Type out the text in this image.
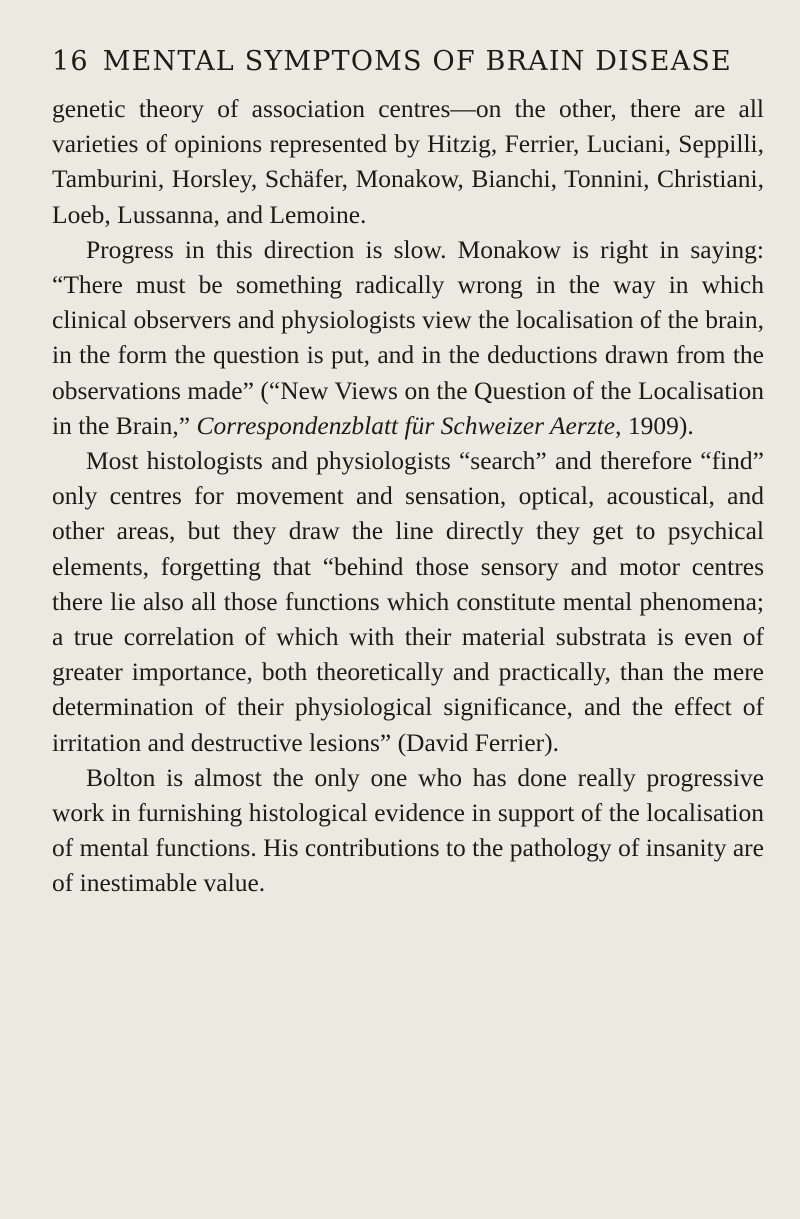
16 MENTAL SYMPTOMS OF BRAIN DISEASE

genetic theory of association centres—on the other, there are all varieties of opinions represented by Hitzig, Ferrier, Luciani, Seppilli, Tamburini, Horsley, Schäfer, Monakow, Bianchi, Tonnini, Christiani, Loeb, Lussanna, and Lemoine.

Progress in this direction is slow. Monakow is right in saying: “There must be something radically wrong in the way in which clinical observers and physiologists view the localisation of the brain, in the form the question is put, and in the deductions drawn from the observations made” (“New Views on the Question of the Localisation in the Brain,” Correspondenzblatt für Schweizer Aerzte, 1909).

Most histologists and physiologists “search” and therefore “find” only centres for movement and sensation, optical, acoustical, and other areas, but they draw the line directly they get to psychical elements, forgetting that “behind those sensory and motor centres there lie also all those functions which constitute mental phenomena; a true correlation of which with their material substrata is even of greater importance, both theoretically and practically, than the mere determination of their physiological significance, and the effect of irritation and destructive lesions” (David Ferrier).

Bolton is almost the only one who has done really progressive work in furnishing histological evidence in support of the localisation of mental functions. His contributions to the pathology of insanity are of inestimable value.
